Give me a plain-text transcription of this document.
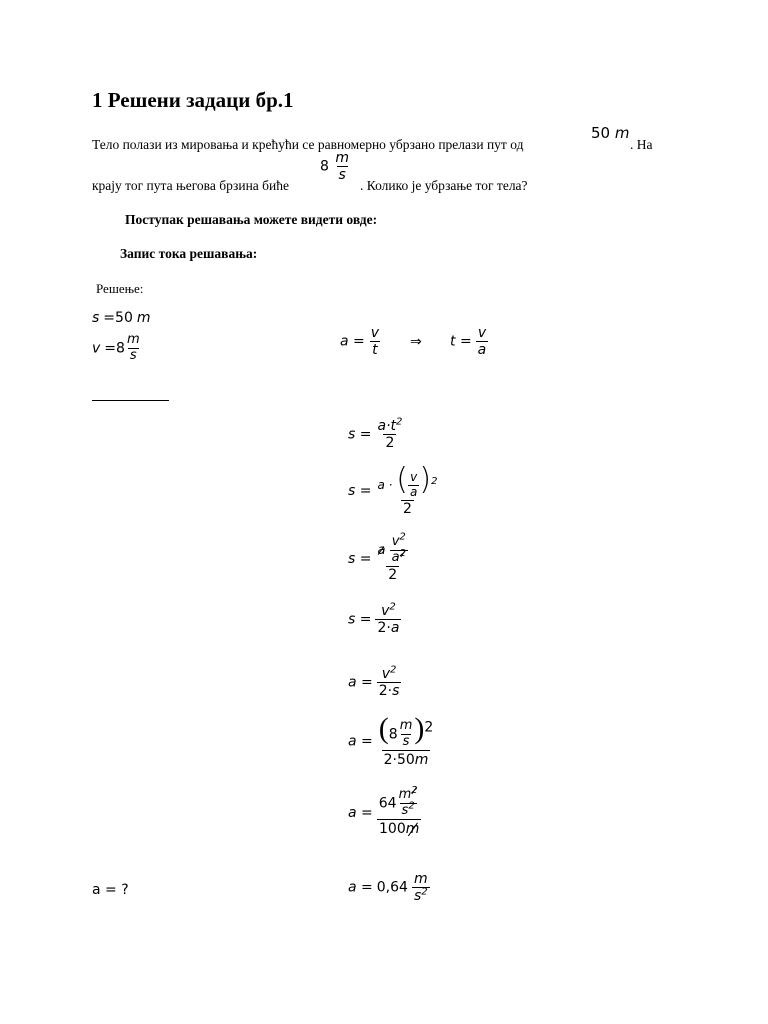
1 Решени задаци бр.1
Тело полази из мировања и крећући се равномерно убрзано прелази пут од
50 m
. На
крају тог пута његова брзина биће
$8 \frac{m}{s}$
. Колико је убрзање тог тела?
Поступак решавања можете видети овде:
Запис тока решавања:
Решење:
s =50 m
$v =8 \frac{m}{s}$	$a = \frac{v}{t}$ ⇒ $t = \frac{v}{a}$
$s = \frac{a\cdot t^2}{2}$
$s = \frac{a \cdot ( \frac{v}{a} )^2}{2}$
$s = \frac{a \frac{v^2}{a^2}}{2}$
$s = \frac{v^2}{2\cdot a}$
$a = \frac{v^2}{2\cdot s}$
$a = \frac{(8 \frac{m}{s} )^2}{2\cdot 50m}$
$a = \frac{64 \frac{m^2}{s^2}}{100m}$
a = ?	$a = 0,64 \frac{m}{s^2}$
